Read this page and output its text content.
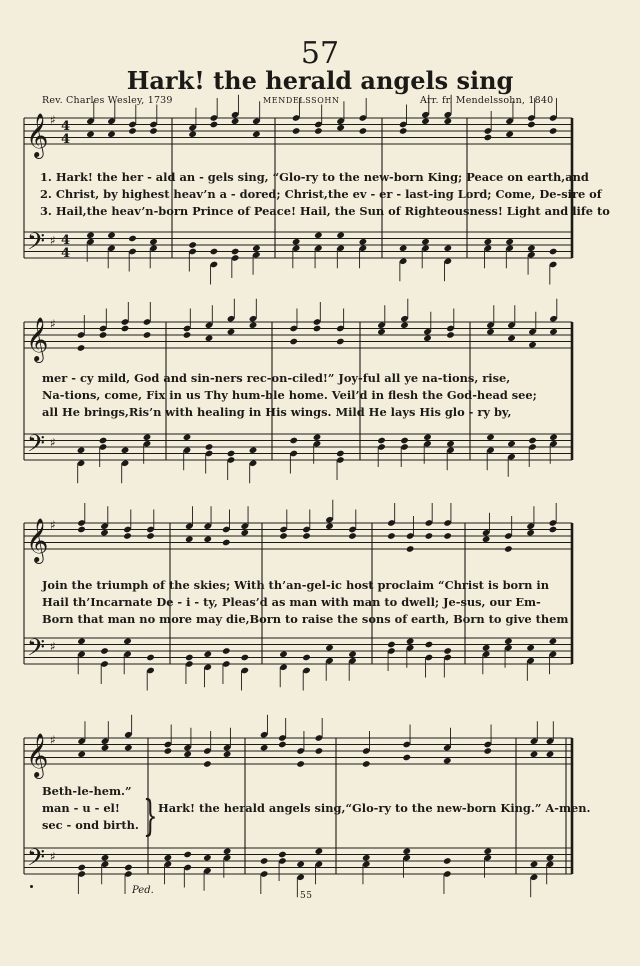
57
Hark! the herald angels sing
Rev. Charles Wesley, 1739	MENDELSSOHN	Arr. fr. Mendelssohn, 1840
𝄞
𝄢
♯
♯
4
4
4
4
𝄞
𝄢
♯
♯
𝄞
𝄢
♯
♯
𝄞
𝄢
♯
♯
1. Hark! the her - ald an - gels sing, “Glo-ry to the new-born King; Peace on earth,and
2. Christ, by highest heav’n a - dored; Christ,the ev - er - last-ing Lord; Come, De-sire of
3. Hail,the heav’n-born Prince of Peace! Hail, the Sun of Righteousness! Light and life to
mer - cy mild, God and sin-ners rec-on-ciled!” Joy-ful all ye na-tions, rise,
Na-tions, come, Fix in us Thy hum-ble home. Veil’d in flesh the God-head see;
all He brings,Ris’n with healing in His wings. Mild He lays His glo - ry by,
Join the triumph of the skies; With th’an-gel-ic host proclaim “Christ is born in
Hail th’Incarnate De - i - ty, Pleas’d as man with man to dwell; Je-sus, our Em-
Born that man no more may die,Born to raise the sons of earth, Born to give them
Beth-le-hem.”
man - u - el!
sec - ond birth. } Hark! the herald angels sing,“Glo-ry to the new-born King.” A-men.
Ped.	55
